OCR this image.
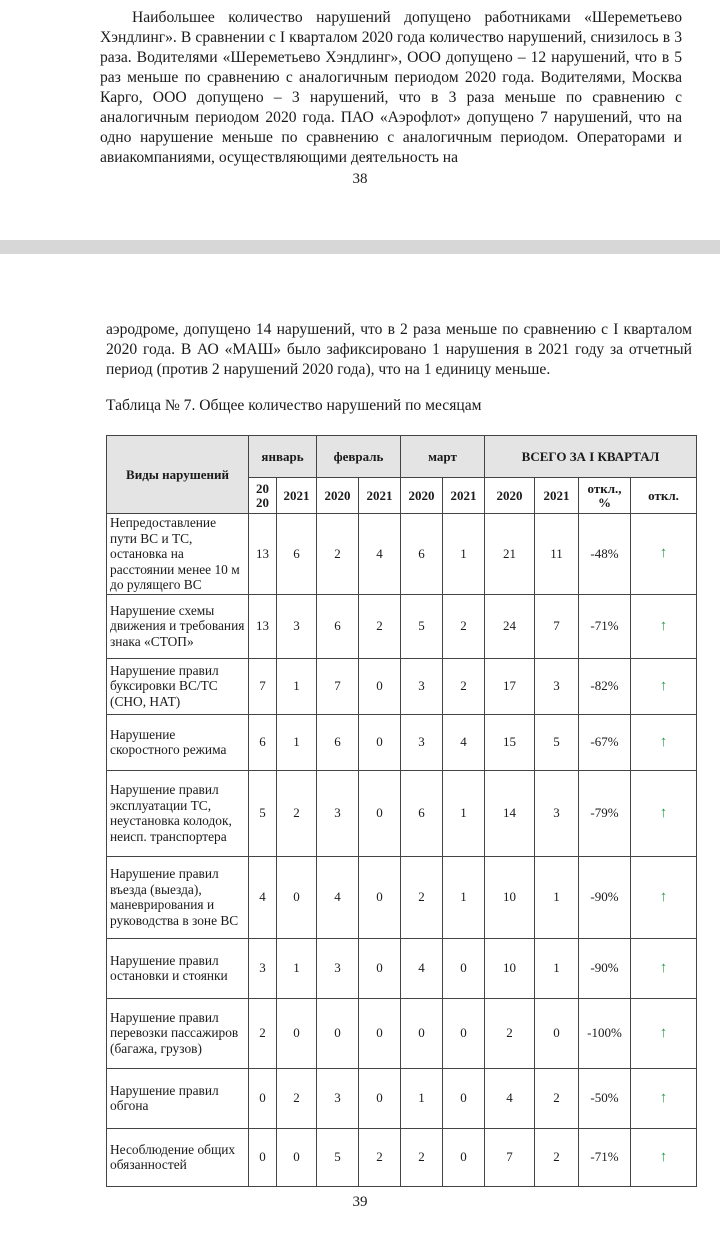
Наибольшее количество нарушений допущено работниками «Шереметьево Хэндлинг». В сравнении с I кварталом 2020 года количество нарушений, снизилось в 3 раза. Водителями «Шереметьево Хэндлинг», ООО допущено – 12 нарушений, что в 5 раз меньше по сравнению с аналогичным периодом 2020 года. Водителями, Москва Карго, ООО допущено – 3 нарушений, что в 3 раза меньше по сравнению с аналогичным периодом 2020 года. ПАО «Аэрофлот» допущено 7 нарушений, что на одно нарушение меньше по сравнению с аналогичным периодом. Операторами и авиакомпаниями, осуществляющими деятельность на

38

аэродроме, допущено 14 нарушений, что в 2 раза меньше по сравнению с I кварталом 2020 года. В АО «МАШ» было зафиксировано 1 нарушения в 2021 году за отчетный период (против 2 нарушений 2020 года), что на 1 единицу меньше.

Таблица № 7. Общее количество нарушений по месяцам
Виды нарушений	январь		февраль		март		ВСЕГО ЗА I КВАРТАЛ			
	20 20	2021	2020	2021	2020	2021	2020	2021	откл., %	откл.
Непредоставление пути ВС и ТС, остановка на расстоянии менее 10 м до рулящего ВС	13	6	2	4	6	1	21	11	-48%	↑
Нарушение схемы движения и требования знака «СТОП»	13	3	6	2	5	2	24	7	-71%	↑
Нарушение правил буксировки ВС/ТС (СНО, НАТ)	7	1	7	0	3	2	17	3	-82%	↑
Нарушение скоростного режима	6	1	6	0	3	4	15	5	-67%	↑
Нарушение правил эксплуатации ТС, неустановка колодок, неисп. транспортера	5	2	3	0	6	1	14	3	-79%	↑
Нарушение правил въезда (выезда), маневрирования и руководства в зоне ВС	4	0	4	0	2	1	10	1	-90%	↑
Нарушение правил остановки и стоянки	3	1	3	0	4	0	10	1	-90%	↑
Нарушение правил перевозки пассажиров (багажа, грузов)	2	0	0	0	0	0	2	0	-100%	↑
Нарушение правил обгона	0	2	3	0	1	0	4	2	-50%	↑
Несоблюдение общих обязанностей	0	0	5	2	2	0	7	2	-71%	↑
39
